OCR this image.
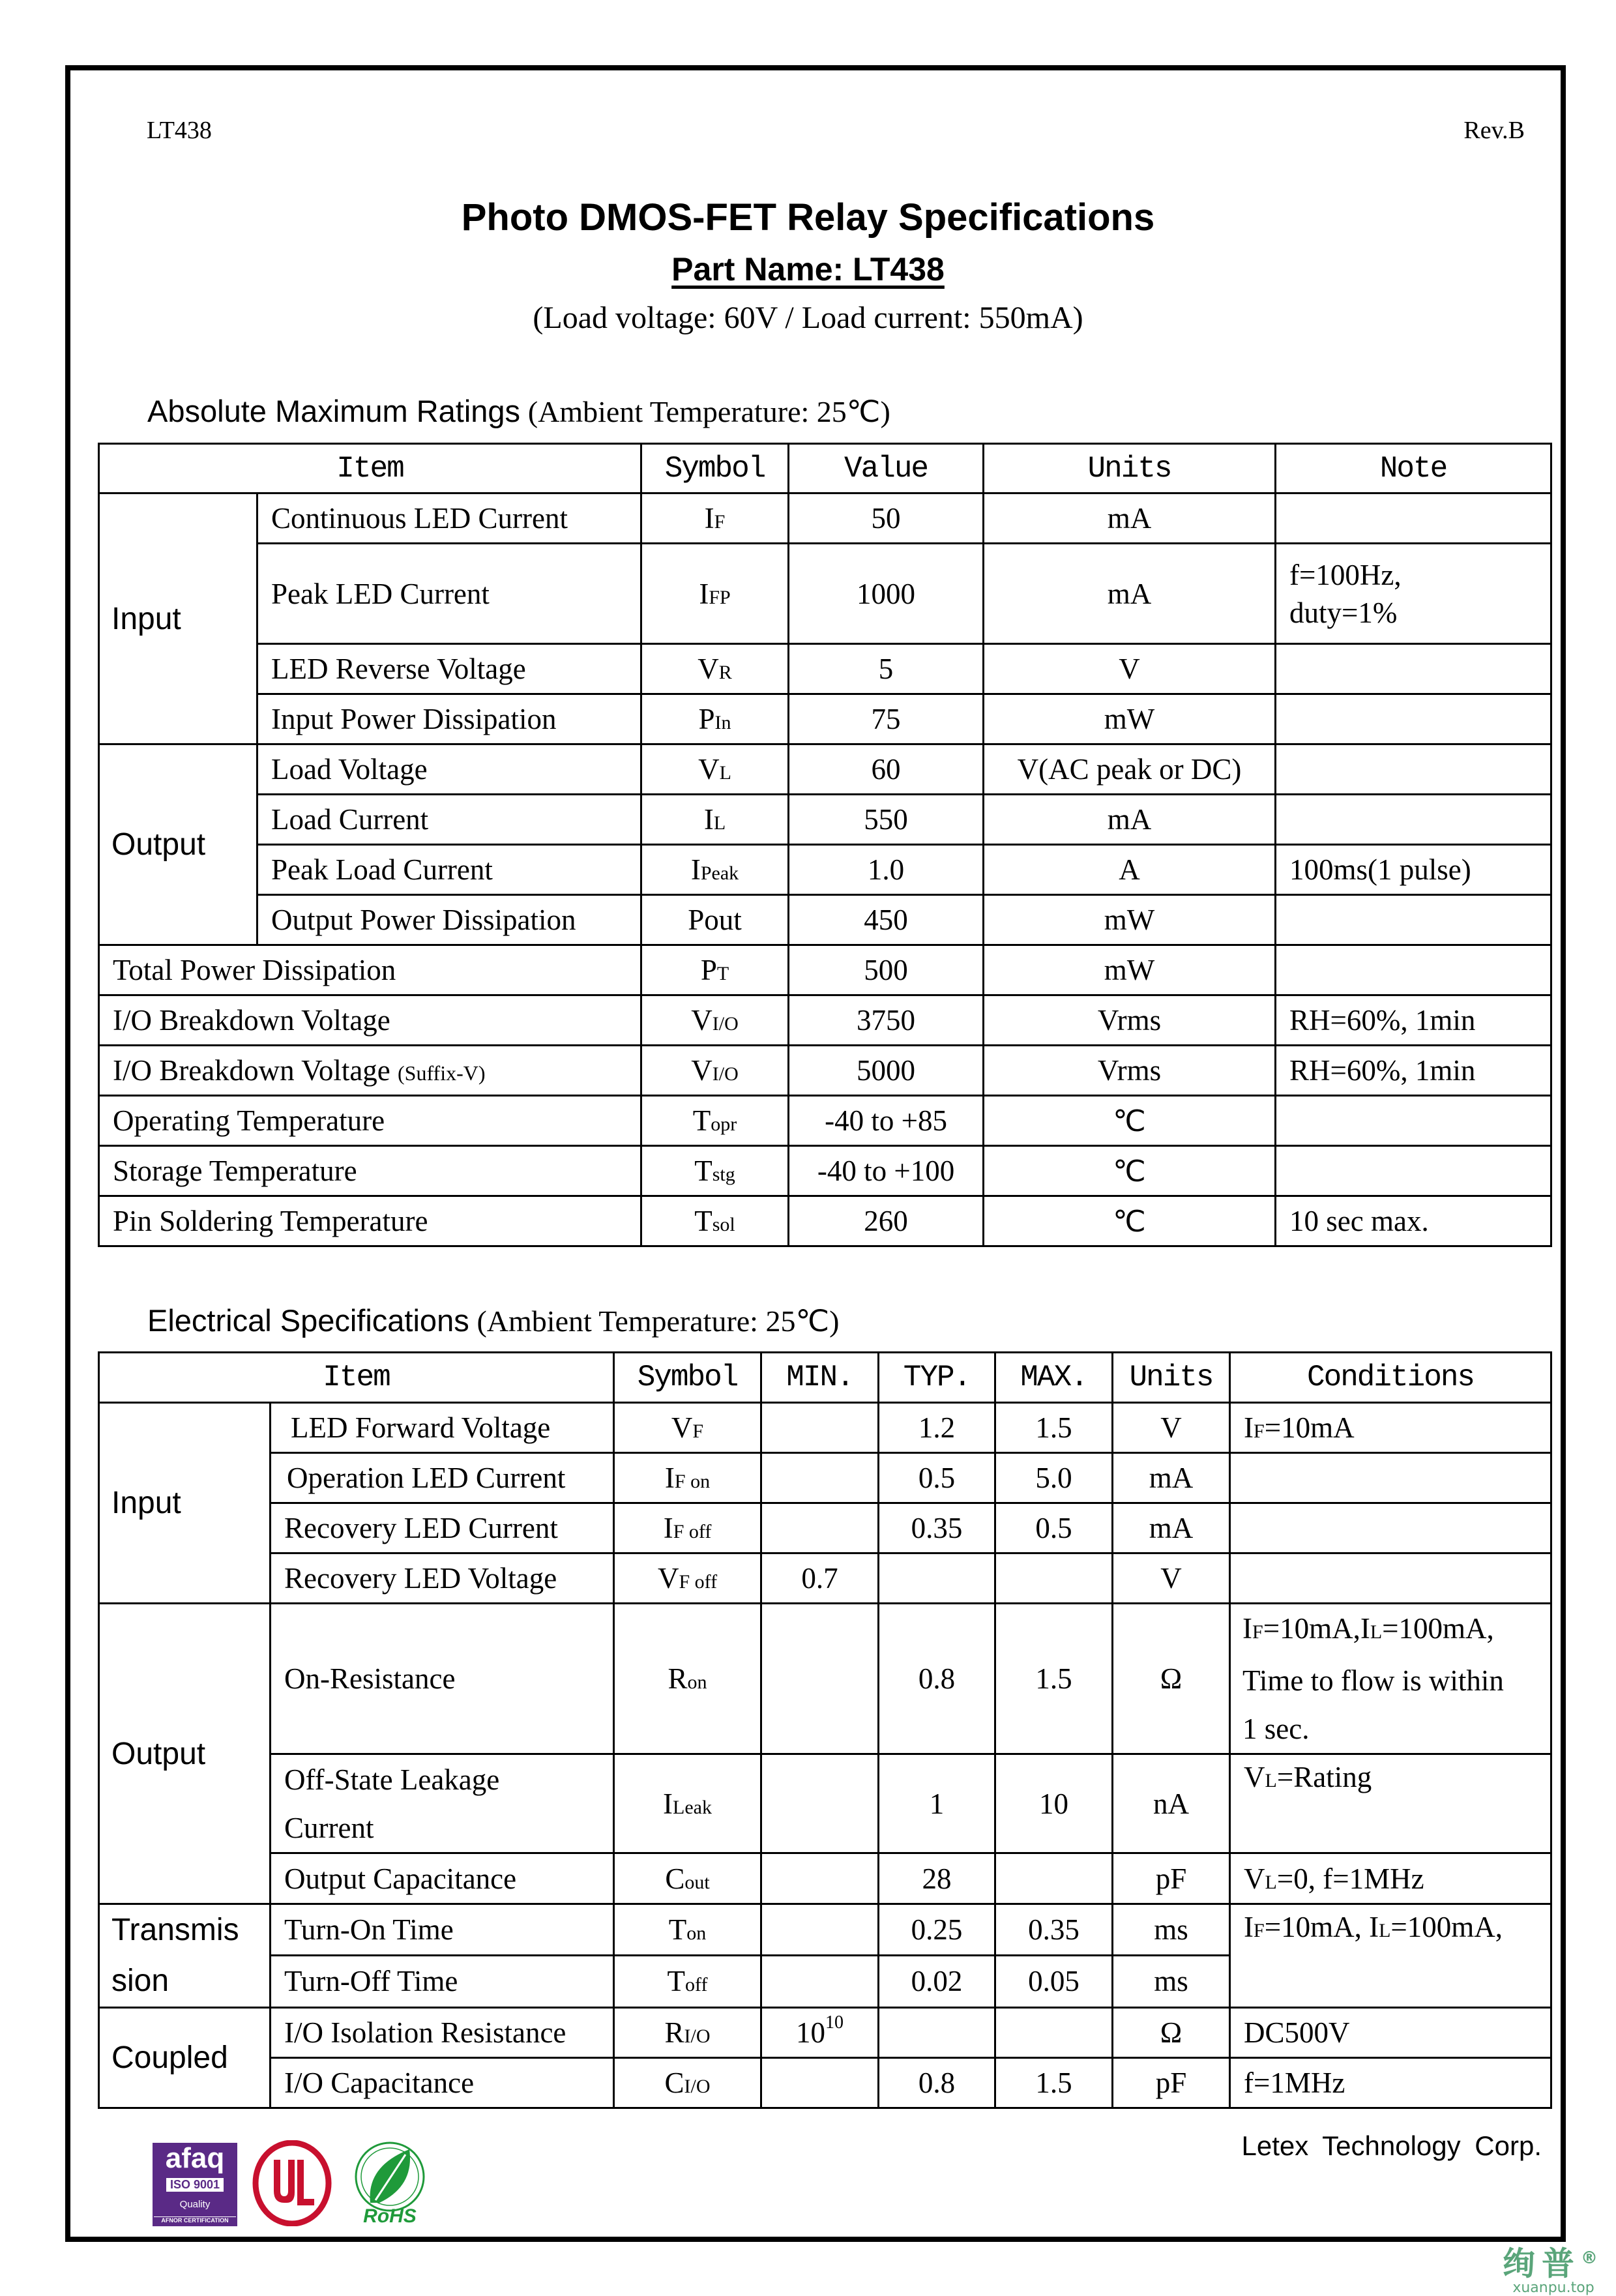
LT438	Rev.B
Photo DMOS-FET Relay Specifications
Part Name: LT438
(Load voltage: 60V / Load current: 550mA)
Absolute Maximum Ratings (Ambient Temperature: 25℃)
Item		Symbol	Value	Units	Note
Input	Continuous LED Current	IF	50	mA	
	Peak LED Current	IFP	1000	mA	f=100Hz,
duty=1%

	LED Reverse Voltage	VR	5	V	
	Input Power Dissipation	PIn	75	mW	
Output	Load Voltage	VL	60	V(AC peak or DC)	
	Load Current	IL	550	mA	
	Peak Load Current	IPeak	1.0	A	100ms(1 pulse)
	Output Power Dissipation	Pout	450	mW	
Total Power Dissipation		PT	500	mW	
I/O Breakdown Voltage		VI/O	3750	Vrms	RH=60%, 1min
I/O Breakdown Voltage (Suffix-V)		VI/O	5000	Vrms	RH=60%, 1min
Operating Temperature		Topr	-40 to +85	℃	
Storage Temperature		Tstg	-40 to +100	℃	
Pin Soldering Temperature		Tsol	260	℃	10 sec max.
Electrical Specifications (Ambient Temperature: 25℃)
Item		Symbol	MIN.	TYP.	MAX.	Units	Conditions
Input	LED Forward Voltage	VF		1.2	1.5	V	IF=10mA
	Operation LED Current	IF on		0.5	5.0	mA	
	Recovery LED Current	IF off		0.35	0.5	mA	
	Recovery LED Voltage	VF off	0.7			V	
Output	On-Resistance	Ron		0.8	1.5	Ω	IF=10mA,IL=100mA,
Time to flow is within
1 sec.

	Off-State Leakage
Current	ILeak		1	10	nA	VL=Rating
	Output Capacitance	Cout		28		pF	VL=0, f=1MHz

Transmis
sion	Turn-On Time	Ton		0.25	0.35	ms	IF=10mA, IL=100mA,
	Turn-Off Time	Toff		0.02	0.05	ms	
Coupled	I/O Isolation Resistance	RI/O	$10^{10}$			Ω	DC500V
	I/O Capacitance	CI/O		0.8	1.5	pF	f=1MHz
afaq
ISO 9001
Quality
AFNOR CERTIFICATION	RoHS
Letex Technology Corp.
绚普®
xuanpu.top
